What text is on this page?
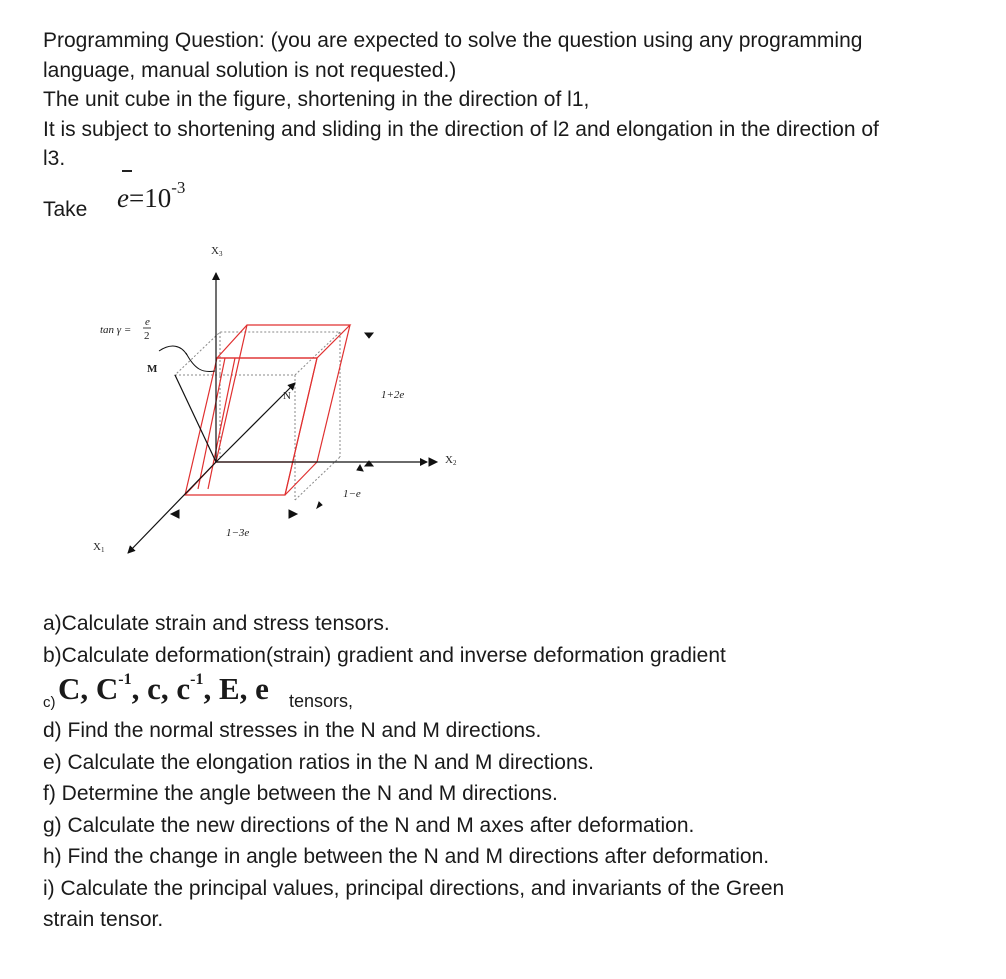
Programming Question: (you are expected to solve the question using any programming

language, manual solution is not requested.)

The unit cube in the figure, shortening in the direction of l1,

It is subject to shortening and sliding in the direction of l2 and elongation in the direction of

l3.

Take $e=10^{-3}$
X3
X2
X1
tan γ =
e
2
M
N	1+2e
1−e
1−3e

a)Calculate strain and stress tensors.

b)Calculate deformation(strain) gradient and inverse deformation gradient

c) C, $C^{-1}$, c, $c^{-1}$, E, e tensors,

d) Find the normal stresses in the N and M directions.

e) Calculate the elongation ratios in the N and M directions.

f) Determine the angle between the N and M directions.

g) Calculate the new directions of the N and M axes after deformation.

h) Find the change in angle between the N and M directions after deformation.

i) Calculate the principal values, principal directions, and invariants of the Green

strain tensor.
